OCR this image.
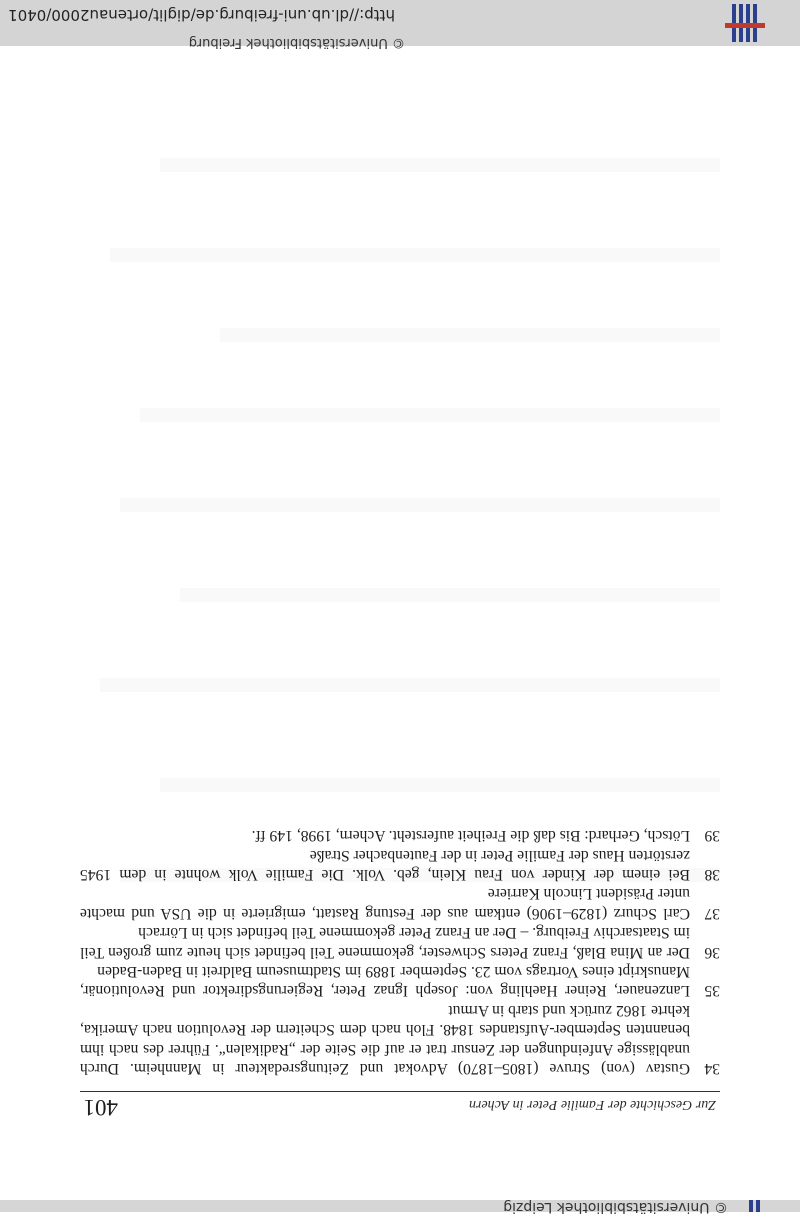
© Universitätsbibliothek Leipzig
401	Zur Geschichte der Familie Peter in Achern
34
Gustav (von) Struve (1805–1870) Advokat und Zeitungsredakteur in Mannheim. Durch unablässige Anfeindungen der Zensur trat er auf die Seite der „Radikalen“. Führer des nach ihm benannten September-Aufstandes 1848. Floh nach dem Scheitern der Revolution nach Amerika, kehrte 1862 zurück und starb in Armut
35
Lanzenauer, Reiner Haehling von: Joseph Ignaz Peter, Regierungsdirektor und Revolutionär, Manuskript eines Vortrags vom 23. September 1889 im Stadtmuseum Baldreit in Baden-Baden
36
Der an Mina Blaß, Franz Peters Schwester, gekommene Teil befindet sich heute zum großen Teil im Staatsarchiv Freiburg. – Der an Franz Peter gekommene Teil befindet sich in Lörrach
37
Carl Schurz (1829–1906) entkam aus der Festung Rastatt, emigrierte in die USA und machte unter Präsident Lincoln Karriere
38
Bei einem der Kinder von Frau Klein, geb. Volk. Die Familie Volk wohnte in dem 1945 zerstörten Haus der Familie Peter in der Fautenbacher Straße
39
Lötsch, Gerhard: Bis daß die Freiheit aufersteht. Achern, 1998, 149 ff.
© Universitätsbibliothek Freiburg
http://dl.ub.uni-freiburg.de/diglit/ortenau2000/0401
